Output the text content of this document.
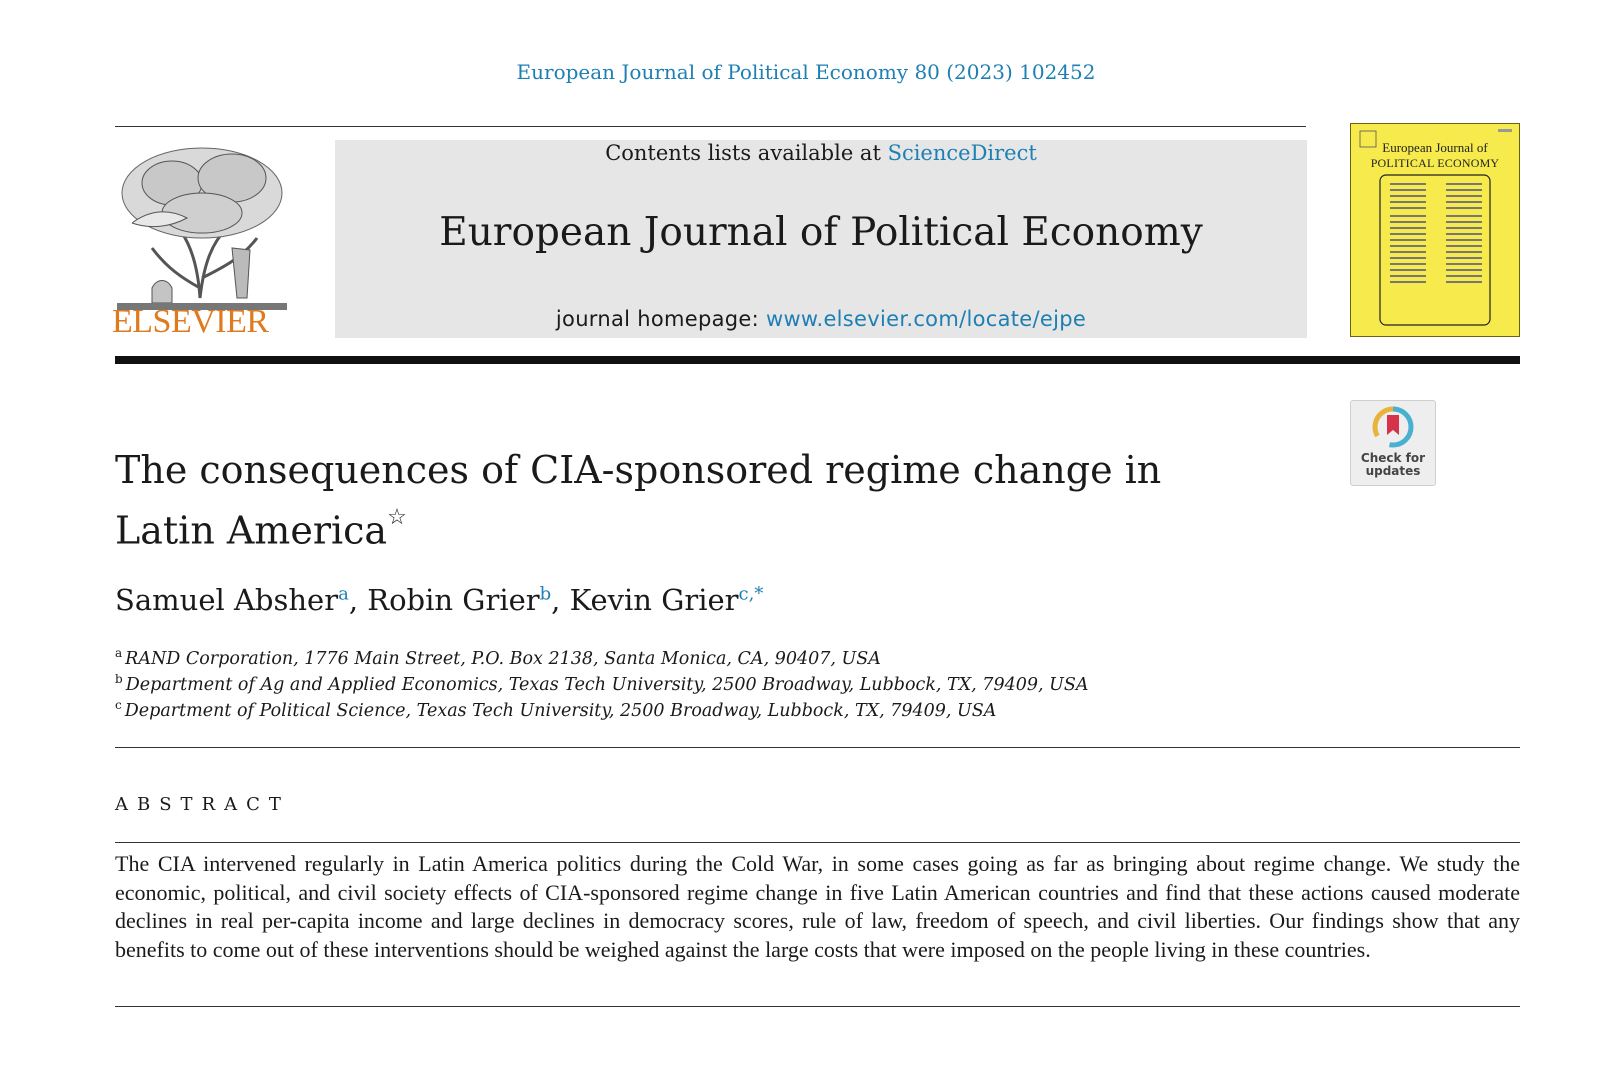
European Journal of Political Economy 80 (2023) 102452
ELSEVIER
Contents lists available at ScienceDirect
European Journal of Political Economy
journal homepage: www.elsevier.com/locate/ejpe
European Journal of
POLITICAL ECONOMY
Check for
updates
The consequences of CIA-sponsored regime change in
Latin America☆
Samuel Absher$^a$, Robin Grier$^b$, Kevin Grier$^{c,*}$
$^a$ RAND Corporation, 1776 Main Street, P.O. Box 2138, Santa Monica, CA, 90407, USA
$^b$ Department of Ag and Applied Economics, Texas Tech University, 2500 Broadway, Lubbock, TX, 79409, USA
$^c$ Department of Political Science, Texas Tech University, 2500 Broadway, Lubbock, TX, 79409, USA
ABSTRACT
The CIA intervened regularly in Latin America politics during the Cold War, in some cases going as far as bringing about regime change. We study the economic, political, and civil society effects of CIA-sponsored regime change in five Latin American countries and find that these actions caused moderate declines in real per-capita income and large declines in democracy scores, rule of law, freedom of speech, and civil liberties. Our findings show that any benefits to come out of these interventions should be weighed against the large costs that were imposed on the people living in these countries.
